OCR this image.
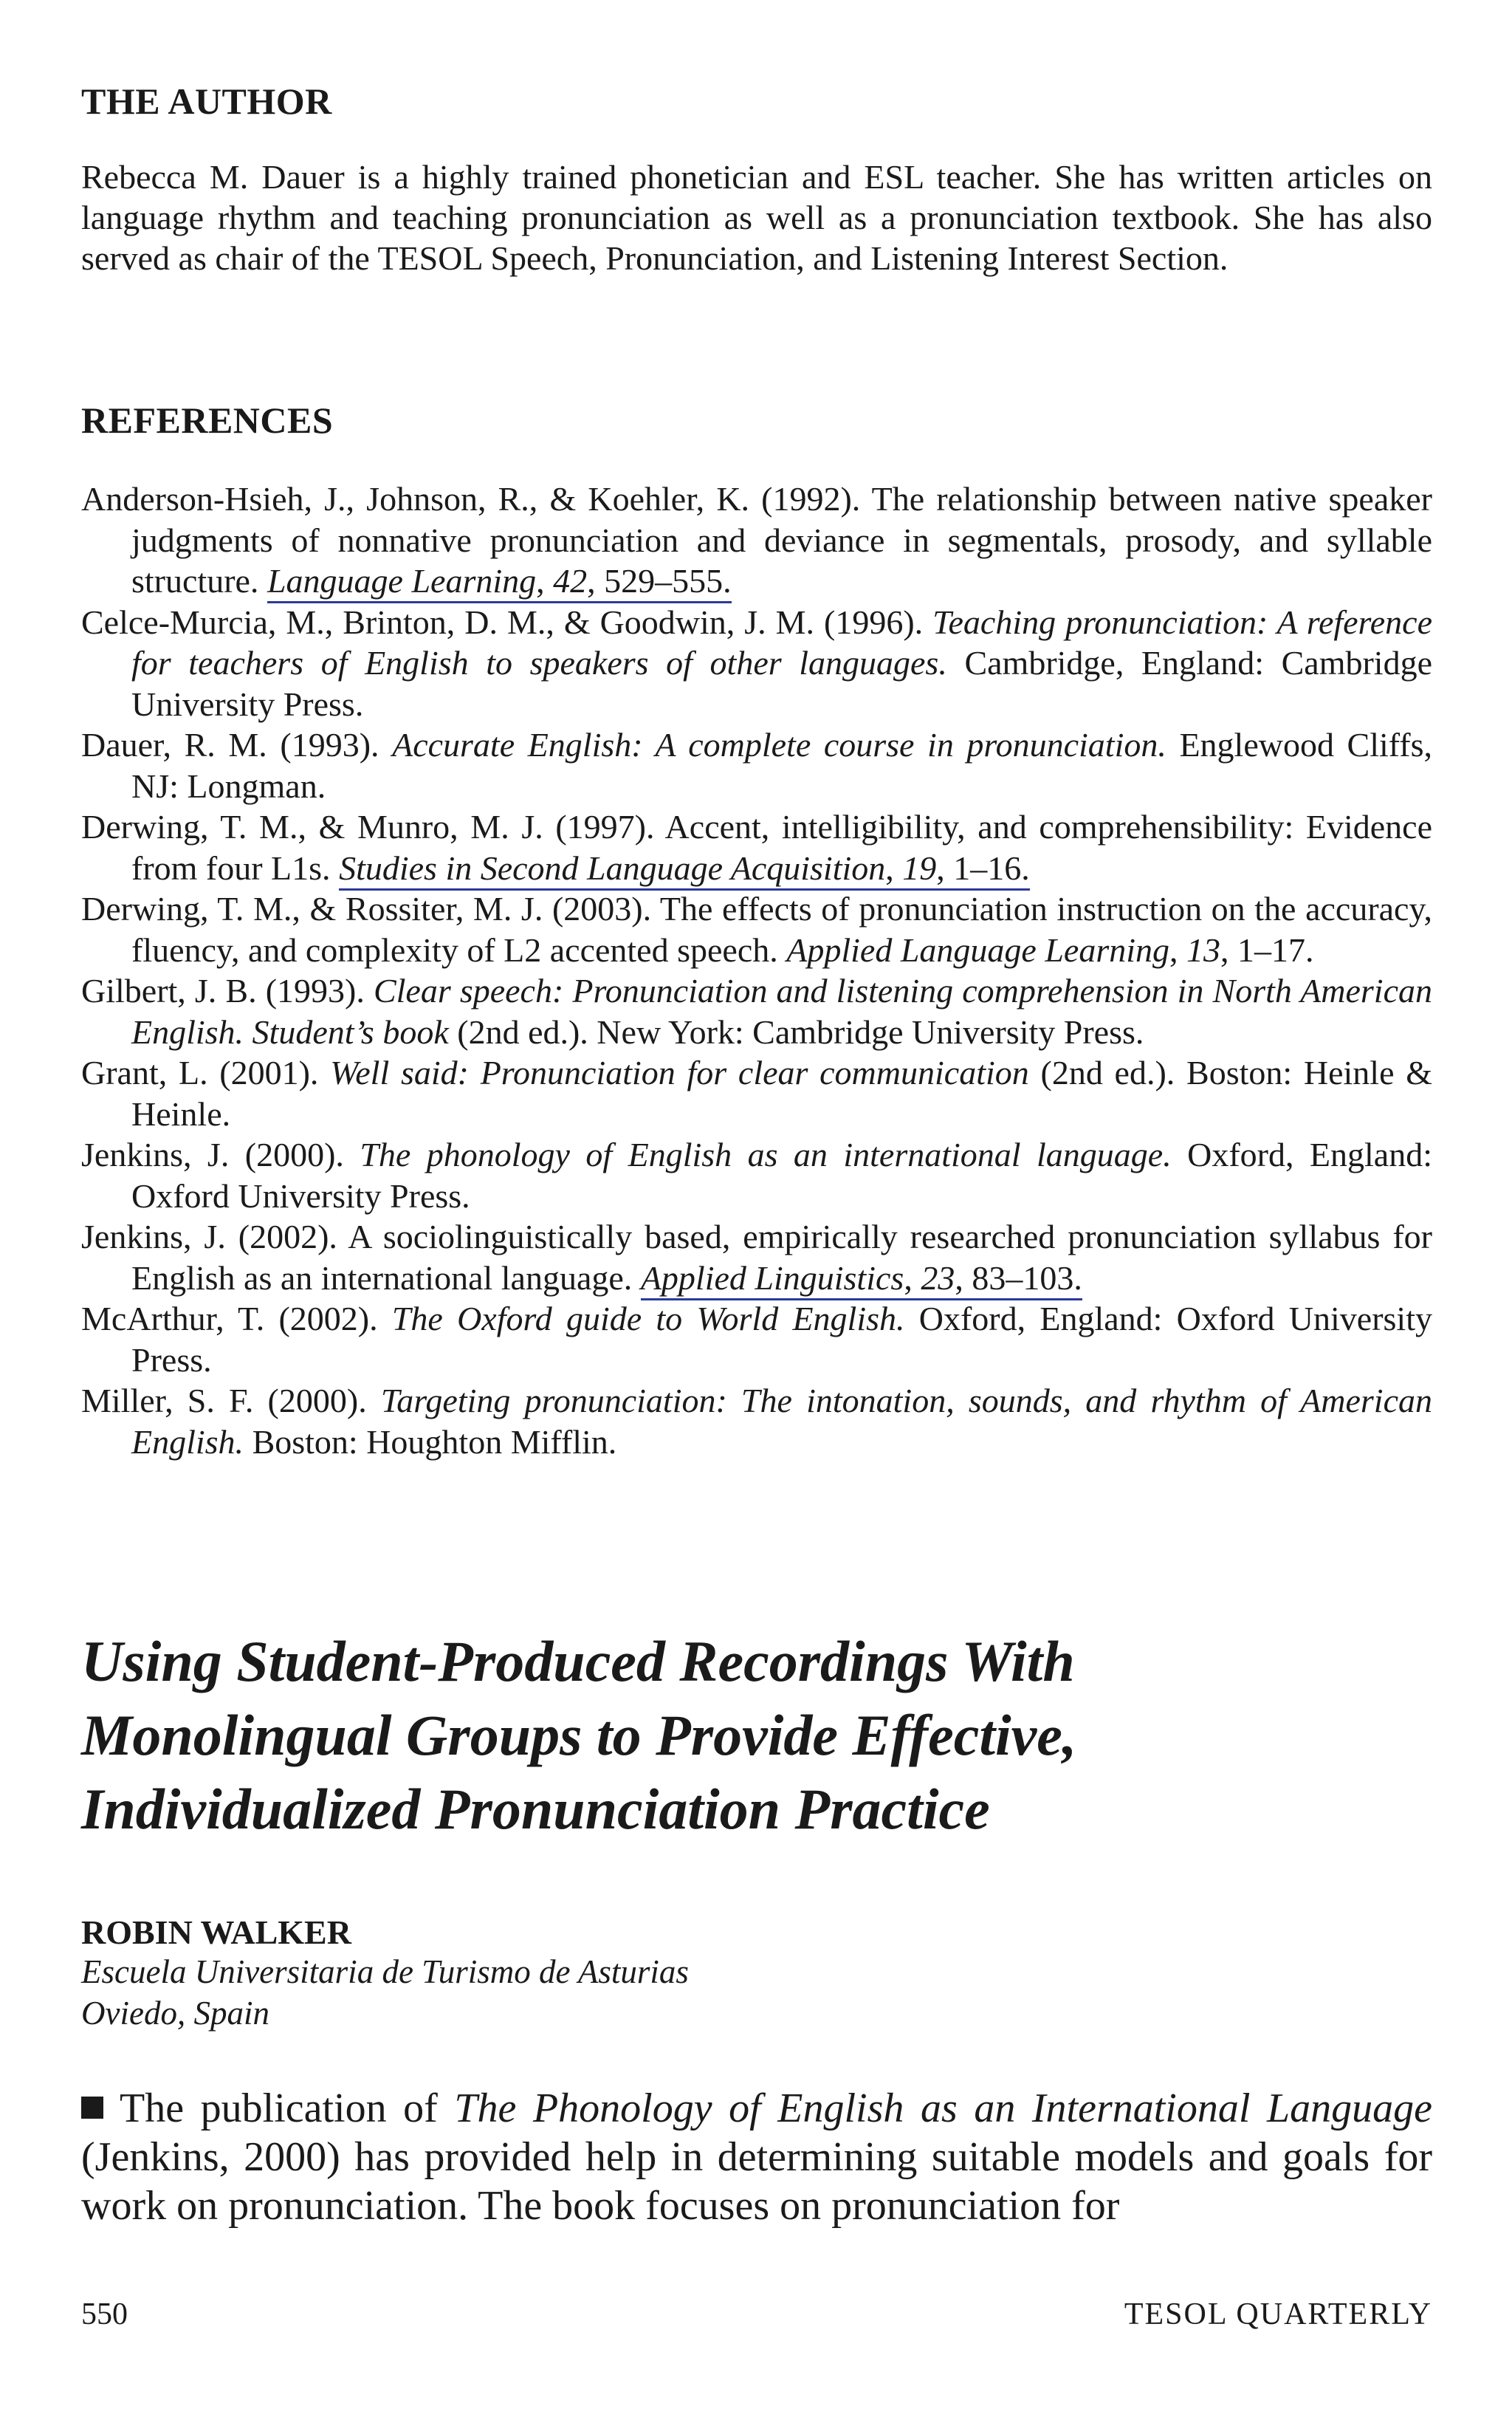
THE AUTHOR
Rebecca M. Dauer is a highly trained phonetician and ESL teacher. She has written articles on language rhythm and teaching pronunciation as well as a pronunciation textbook. She has also served as chair of the TESOL Speech, Pronunciation, and Listening Interest Section.
REFERENCES

Anderson-Hsieh, J., Johnson, R., & Koehler, K. (1992). The relationship between native speaker judgments of nonnative pronunciation and deviance in segmentals, prosody, and syllable structure. Language Learning, 42, 529–555.

Celce-Murcia, M., Brinton, D. M., & Goodwin, J. M. (1996). Teaching pronunciation: A reference for teachers of English to speakers of other languages. Cambridge, England: Cambridge University Press.

Dauer, R. M. (1993). Accurate English: A complete course in pronunciation. Englewood Cliffs, NJ: Longman.

Derwing, T. M., & Munro, M. J. (1997). Accent, intelligibility, and comprehensibility: Evidence from four L1s. Studies in Second Language Acquisition, 19, 1–16.

Derwing, T. M., & Rossiter, M. J. (2003). The effects of pronunciation instruction on the accuracy, fluency, and complexity of L2 accented speech. Applied Language Learning, 13, 1–17.

Gilbert, J. B. (1993). Clear speech: Pronunciation and listening comprehension in North American English. Student’s book (2nd ed.). New York: Cambridge University Press.

Grant, L. (2001). Well said: Pronunciation for clear communication (2nd ed.). Boston: Heinle & Heinle.

Jenkins, J. (2000). The phonology of English as an international language. Oxford, England: Oxford University Press.

Jenkins, J. (2002). A sociolinguistically based, empirically researched pronunciation syllabus for English as an international language. Applied Linguistics, 23, 83–103.

McArthur, T. (2002). The Oxford guide to World English. Oxford, England: Oxford University Press.

Miller, S. F. (2000). Targeting pronunciation: The intonation, sounds, and rhythm of American English. Boston: Houghton Mifflin.

Using Student-Produced Recordings With
Monolingual Groups to Provide Effective,
Individualized Pronunciation Practice
ROBIN WALKER
Escuela Universitaria de Turismo de Asturias
Oviedo, Spain
The publication of The Phonology of English as an International Language (Jenkins, 2000) has provided help in determining suitable models and goals for work on pronunciation. The book focuses on pronunciation for
550	TESOL QUARTERLY
